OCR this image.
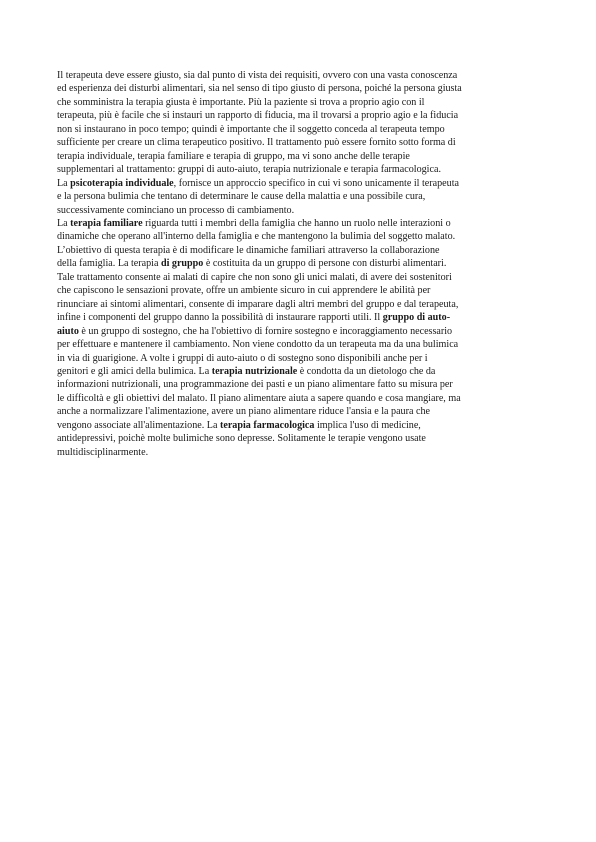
Il terapeuta deve essere giusto, sia dal punto di vista dei requisiti, ovvero con una vasta conoscenza
ed esperienza dei disturbi alimentari, sia nel senso di tipo giusto di persona, poiché la persona giusta
che somministra la terapia giusta è importante. Più la paziente si trova a proprio agio con il
terapeuta, più è facile che si instauri un rapporto di fiducia, ma il trovarsi a proprio agio e la fiducia
non si instaurano in poco tempo; quindi è importante che il soggetto conceda al terapeuta tempo
sufficiente per creare un clima terapeutico positivo. Il trattamento può essere fornito sotto forma di
terapia individuale, terapia familiare e terapia di gruppo, ma vi sono anche delle terapie
supplementari al trattamento: gruppi di auto-aiuto, terapia nutrizionale e terapia farmacologica.
La psicoterapia individuale, fornisce un approccio specifico in cui vi sono unicamente il terapeuta
e la persona bulimia che tentano di determinare le cause della malattia e una possibile cura,
successivamente cominciano un processo di cambiamento.
La terapia familiare riguarda tutti i membri della famiglia che hanno un ruolo nelle interazioni o
dinamiche che operano all'interno della famiglia e che mantengono la bulimia del soggetto malato.
L’obiettivo di questa terapia è di modificare le dinamiche familiari attraverso la collaborazione
della famiglia. La terapia di gruppo è costituita da un gruppo di persone con disturbi alimentari.
Tale trattamento consente ai malati di capire che non sono gli unici malati, di avere dei sostenitori
che capiscono le sensazioni provate, offre un ambiente sicuro in cui apprendere le abilità per
rinunciare ai sintomi alimentari, consente di imparare dagli altri membri del gruppo e dal terapeuta,
infine i componenti del gruppo danno la possibilità di instaurare rapporti utili. Il gruppo di auto-
aiuto è un gruppo di sostegno, che ha l'obiettivo di fornire sostegno e incoraggiamento necessario
per effettuare e mantenere il cambiamento. Non viene condotto da un terapeuta ma da una bulimica
in via di guarigione. A volte i gruppi di auto-aiuto o di sostegno sono disponibili anche per i
genitori e gli amici della bulimica. La terapia nutrizionale è condotta da un dietologo che da
informazioni nutrizionali, una programmazione dei pasti e un piano alimentare fatto su misura per
le difficoltà e gli obiettivi del malato. Il piano alimentare aiuta a sapere quando e cosa mangiare, ma
anche a normalizzare l'alimentazione, avere un piano alimentare riduce l'ansia e la paura che
vengono associate all'alimentazione. La terapia farmacologica implica l'uso di medicine,
antidepressivi, poichè molte bulimiche sono depresse. Solitamente le terapie vengono usate
multidisciplinarmente.
